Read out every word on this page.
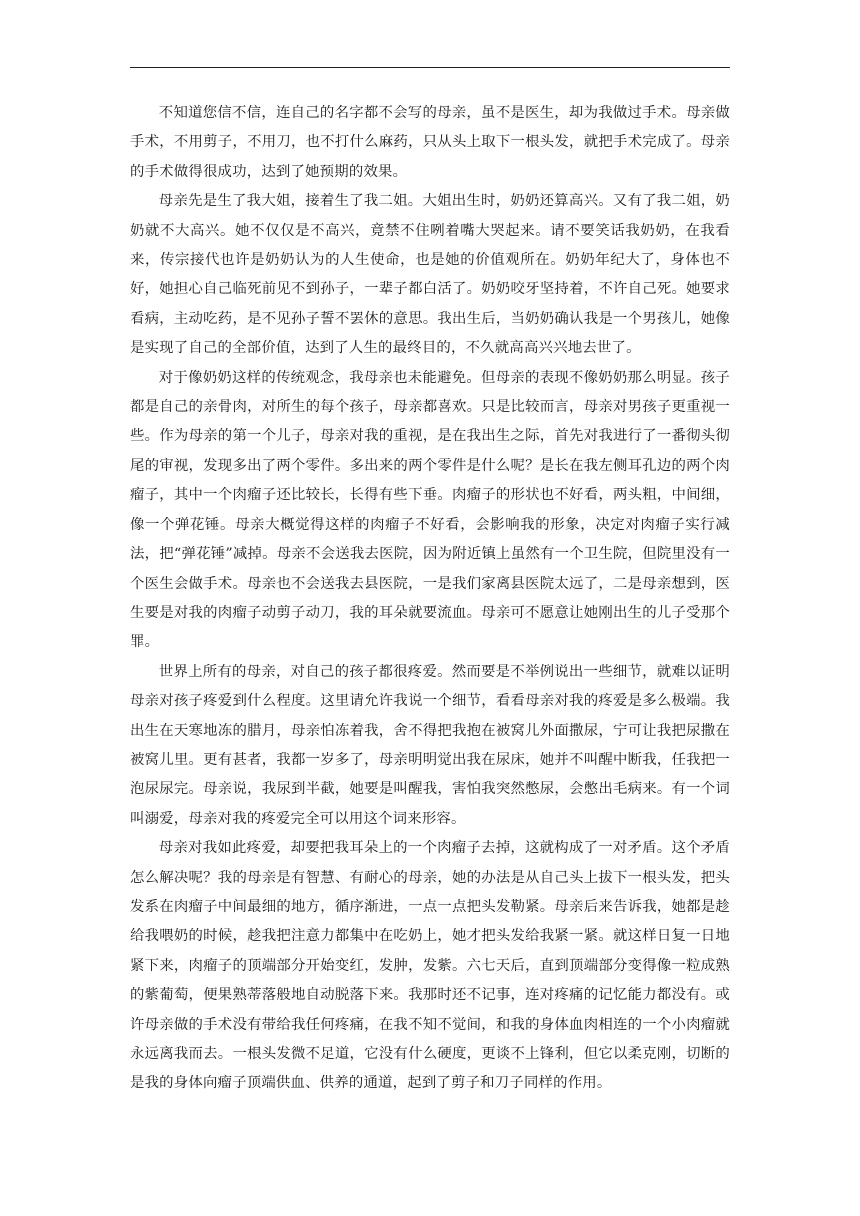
不知道您信不信，连自己的名字都不会写的母亲，虽不是医生，却为我做过手术。母亲做手术，不用剪子，不用刀，也不打什么麻药，只从头上取下一根头发，就把手术完成了。母亲的手术做得很成功，达到了她预期的效果。

母亲先是生了我大姐，接着生了我二姐。大姐出生时，奶奶还算高兴。又有了我二姐，奶奶就不大高兴。她不仅仅是不高兴，竟禁不住咧着嘴大哭起来。请不要笑话我奶奶，在我看来，传宗接代也许是奶奶认为的人生使命，也是她的价值观所在。奶奶年纪大了，身体也不好，她担心自己临死前见不到孙子，一辈子都白活了。奶奶咬牙坚持着，不许自己死。她要求看病，主动吃药，是不见孙子誓不罢休的意思。我出生后，当奶奶确认我是一个男孩儿，她像是实现了自己的全部价值，达到了人生的最终目的，不久就高高兴兴地去世了。

对于像奶奶这样的传统观念，我母亲也未能避免。但母亲的表现不像奶奶那么明显。孩子都是自己的亲骨肉，对所生的每个孩子，母亲都喜欢。只是比较而言，母亲对男孩子更重视一些。作为母亲的第一个儿子，母亲对我的重视，是在我出生之际，首先对我进行了一番彻头彻尾的审视，发现多出了两个零件。多出来的两个零件是什么呢？是长在我左侧耳孔边的两个肉瘤子，其中一个肉瘤子还比较长，长得有些下垂。肉瘤子的形状也不好看，两头粗，中间细，像一个弹花锤。母亲大概觉得这样的肉瘤子不好看，会影响我的形象，决定对肉瘤子实行减法，把“弹花锤”减掉。母亲不会送我去医院，因为附近镇上虽然有一个卫生院，但院里没有一个医生会做手术。母亲也不会送我去县医院，一是我们家离县医院太远了，二是母亲想到，医生要是对我的肉瘤子动剪子动刀，我的耳朵就要流血。母亲可不愿意让她刚出生的儿子受那个罪。

世界上所有的母亲，对自己的孩子都很疼爱。然而要是不举例说出一些细节，就难以证明母亲对孩子疼爱到什么程度。这里请允许我说一个细节，看看母亲对我的疼爱是多么极端。我出生在天寒地冻的腊月，母亲怕冻着我，舍不得把我抱在被窝儿外面撒尿，宁可让我把尿撒在被窝儿里。更有甚者，我都一岁多了，母亲明明觉出我在尿床，她并不叫醒中断我，任我把一泡尿尿完。母亲说，我尿到半截，她要是叫醒我，害怕我突然憋尿，会憋出毛病来。有一个词叫溺爱，母亲对我的疼爱完全可以用这个词来形容。

母亲对我如此疼爱，却要把我耳朵上的一个肉瘤子去掉，这就构成了一对矛盾。这个矛盾怎么解决呢？我的母亲是有智慧、有耐心的母亲，她的办法是从自己头上拔下一根头发，把头发系在肉瘤子中间最细的地方，循序渐进，一点一点把头发勒紧。母亲后来告诉我，她都是趁给我喂奶的时候，趁我把注意力都集中在吃奶上，她才把头发给我紧一紧。就这样日复一日地紧下来，肉瘤子的顶端部分开始变红，发肿，发紫。六七天后，直到顶端部分变得像一粒成熟的紫葡萄，便果熟蒂落般地自动脱落下来。我那时还不记事，连对疼痛的记忆能力都没有。或许母亲做的手术没有带给我任何疼痛，在我不知不觉间，和我的身体血肉相连的一个小肉瘤就永远离我而去。一根头发微不足道，它没有什么硬度，更谈不上锋利，但它以柔克刚，切断的是我的身体向瘤子顶端供血、供养的通道，起到了剪子和刀子同样的作用。
